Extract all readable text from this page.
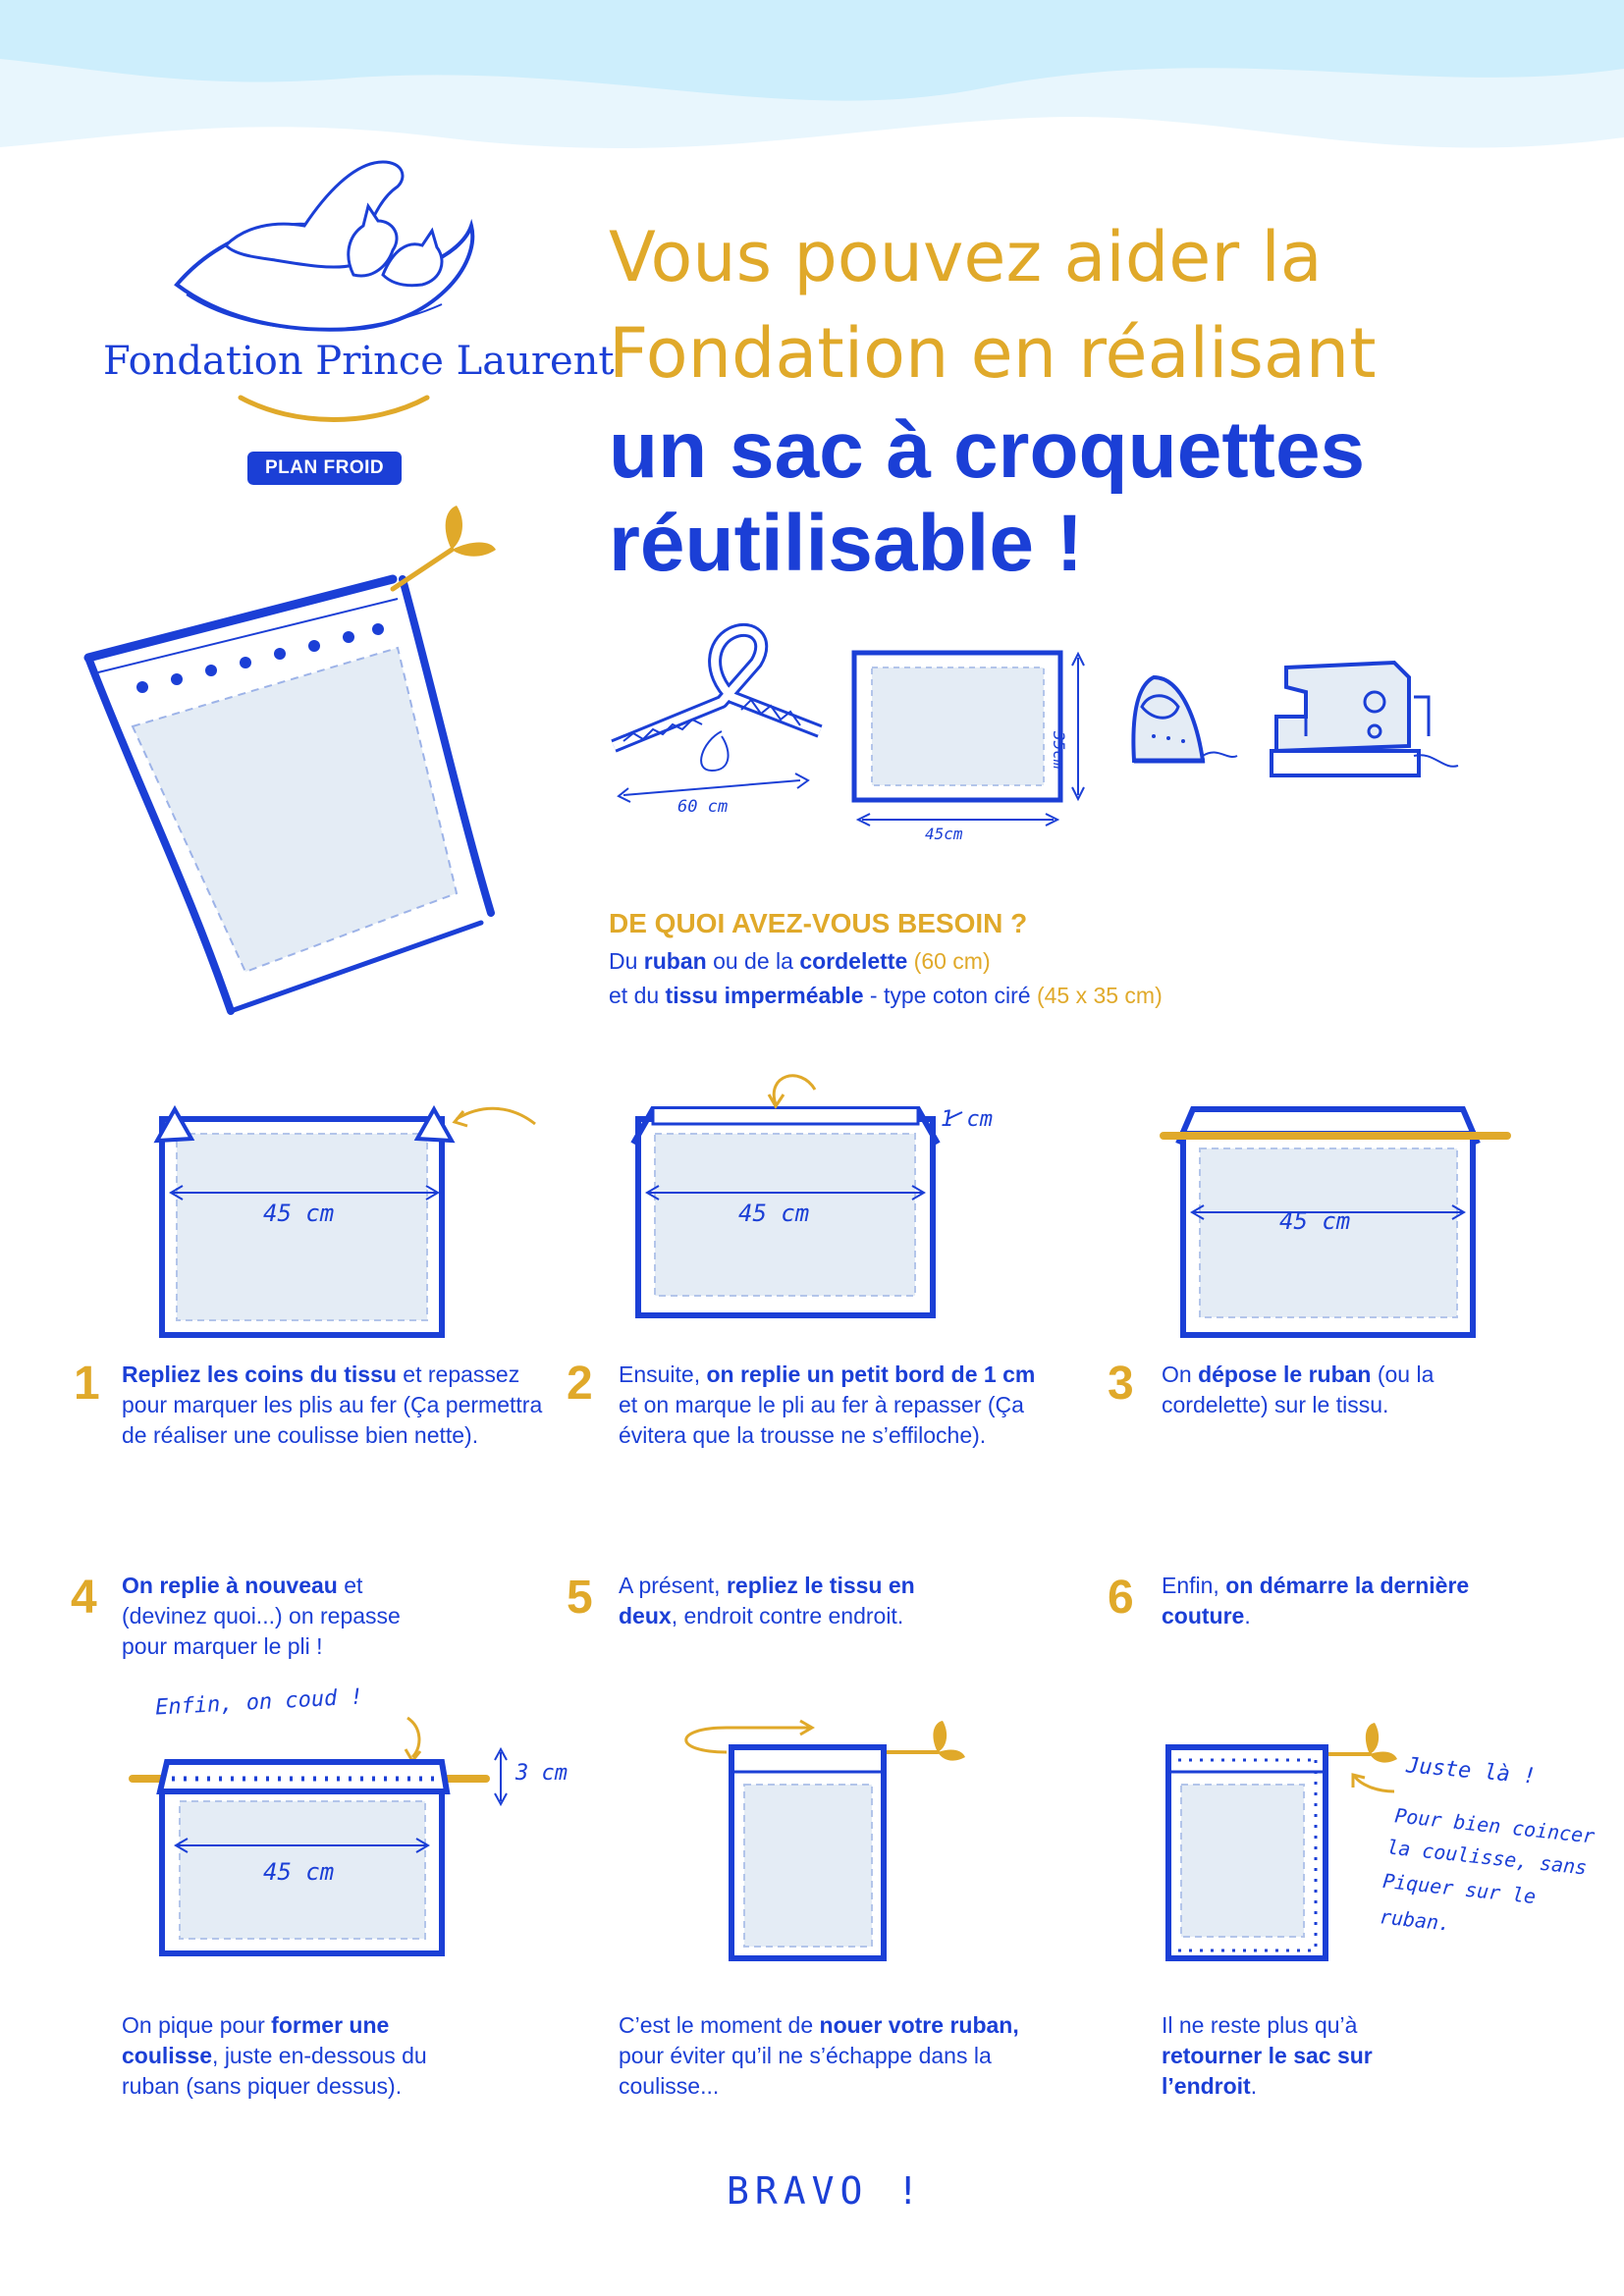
Fondation Prince Laurent
PLAN FROID
Vous pouvez aider la
Fondation en réalisant
un sac à croquettes
réutilisable !
60 cm
45cm
35cm
DE QUOI AVEZ-VOUS BESOIN ?
Du ruban ou de la cordelette (60 cm)
et du tissu imperméable - type coton ciré (45 x 35 cm)
45 cm	45 cm
1 cm
45 cm
1 Repliez les coins du tissu et repassez pour marquer les plis au fer (Ça permettra de réaliser une coulisse bien nette).
2 Ensuite, on replie un petit bord de 1 cm et on marque le pli au fer à repasser (Ça évitera que la trousse ne s’effiloche).
3 On dépose le ruban (ou la cordelette) sur le tissu.
4 On replie à nouveau et (devinez quoi...) on repasse pour marquer le pli !
5 A présent, repliez le tissu en deux, endroit contre endroit.	6 Enfin, on démarre la dernière couture.
Enfin, on coud !
3 cm
45 cm
Juste là !
Pour bien coincer
la coulisse, sans
Piquer sur le
ruban.
On pique pour former une coulisse, juste en-dessous du ruban (sans piquer dessus).
C’est le moment de nouer votre ruban, pour éviter qu’il ne s’échappe dans la coulisse...
Il ne reste plus qu’à retourner le sac sur l’endroit.
BRAVO !
